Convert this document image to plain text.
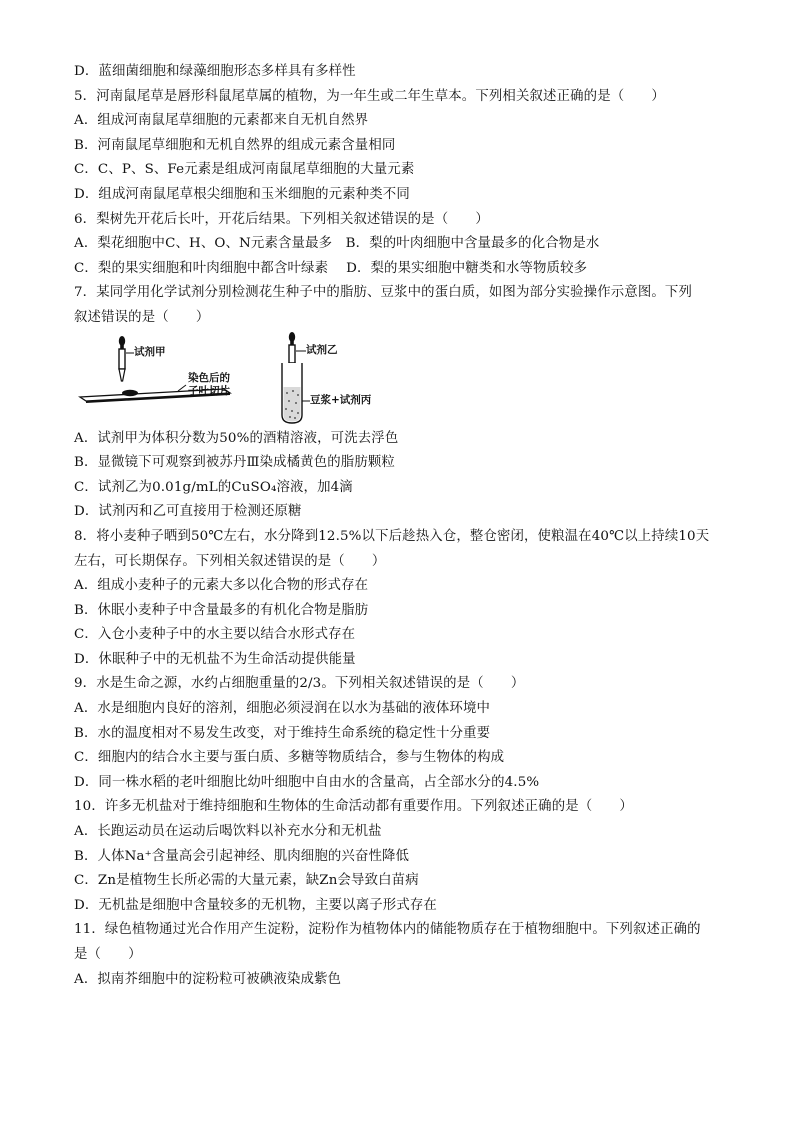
D．蓝细菌细胞和绿藻细胞形态多样具有多样性
5．河南鼠尾草是唇形科鼠尾草属的植物，为一年生或二年生草本。下列相关叙述正确的是（　　）
A．组成河南鼠尾草细胞的元素都来自无机自然界
B．河南鼠尾草细胞和无机自然界的组成元素含量相同
C．C、P、S、Fe元素是组成河南鼠尾草细胞的大量元素
D．组成河南鼠尾草根尖细胞和玉米细胞的元素种类不同
6．梨树先开花后长叶，开花后结果。下列相关叙述错误的是（　　）
A．梨花细胞中C、H、O、N元素含量最多　B．梨的叶肉细胞中含量最多的化合物是水
C．梨的果实细胞和叶肉细胞中都含叶绿素　 D．梨的果实细胞中糖类和水等物质较多
7．某同学用化学试剂分别检测花生种子中的脂肪、豆浆中的蛋白质，如图为部分实验操作示意图。下列
叙述错误的是（　　）
试剂甲
染色后的
子叶切片
试剂乙
豆浆+试剂丙
A．试剂甲为体积分数为50%的酒精溶液，可洗去浮色
B．显微镜下可观察到被苏丹Ⅲ染成橘黄色的脂肪颗粒
C．试剂乙为0.01g/mL的CuSO₄溶液，加4滴
D．试剂丙和乙可直接用于检测还原糖
8．将小麦种子晒到50℃左右，水分降到12.5%以下后趁热入仓，整仓密闭，使粮温在40℃以上持续10天
左右，可长期保存。下列相关叙述错误的是（　　）
A．组成小麦种子的元素大多以化合物的形式存在
B．休眠小麦种子中含量最多的有机化合物是脂肪
C．入仓小麦种子中的水主要以结合水形式存在
D．休眠种子中的无机盐不为生命活动提供能量
9．水是生命之源，水约占细胞重量的2/3。下列相关叙述错误的是（　　）
A．水是细胞内良好的溶剂，细胞必须浸润在以水为基础的液体环境中
B．水的温度相对不易发生改变，对于维持生命系统的稳定性十分重要
C．细胞内的结合水主要与蛋白质、多糖等物质结合，参与生物体的构成
D．同一株水稻的老叶细胞比幼叶细胞中自由水的含量高，占全部水分的4.5%
10．许多无机盐对于维持细胞和生物体的生命活动都有重要作用。下列叙述正确的是（　　）
A．长跑运动员在运动后喝饮料以补充水分和无机盐
B．人体Na⁺含量高会引起神经、肌肉细胞的兴奋性降低
C．Zn是植物生长所必需的大量元素，缺Zn会导致白苗病
D．无机盐是细胞中含量较多的无机物，主要以离子形式存在
11．绿色植物通过光合作用产生淀粉，淀粉作为植物体内的储能物质存在于植物细胞中。下列叙述正确的
是（　　）
A．拟南芥细胞中的淀粉粒可被碘液染成紫色
